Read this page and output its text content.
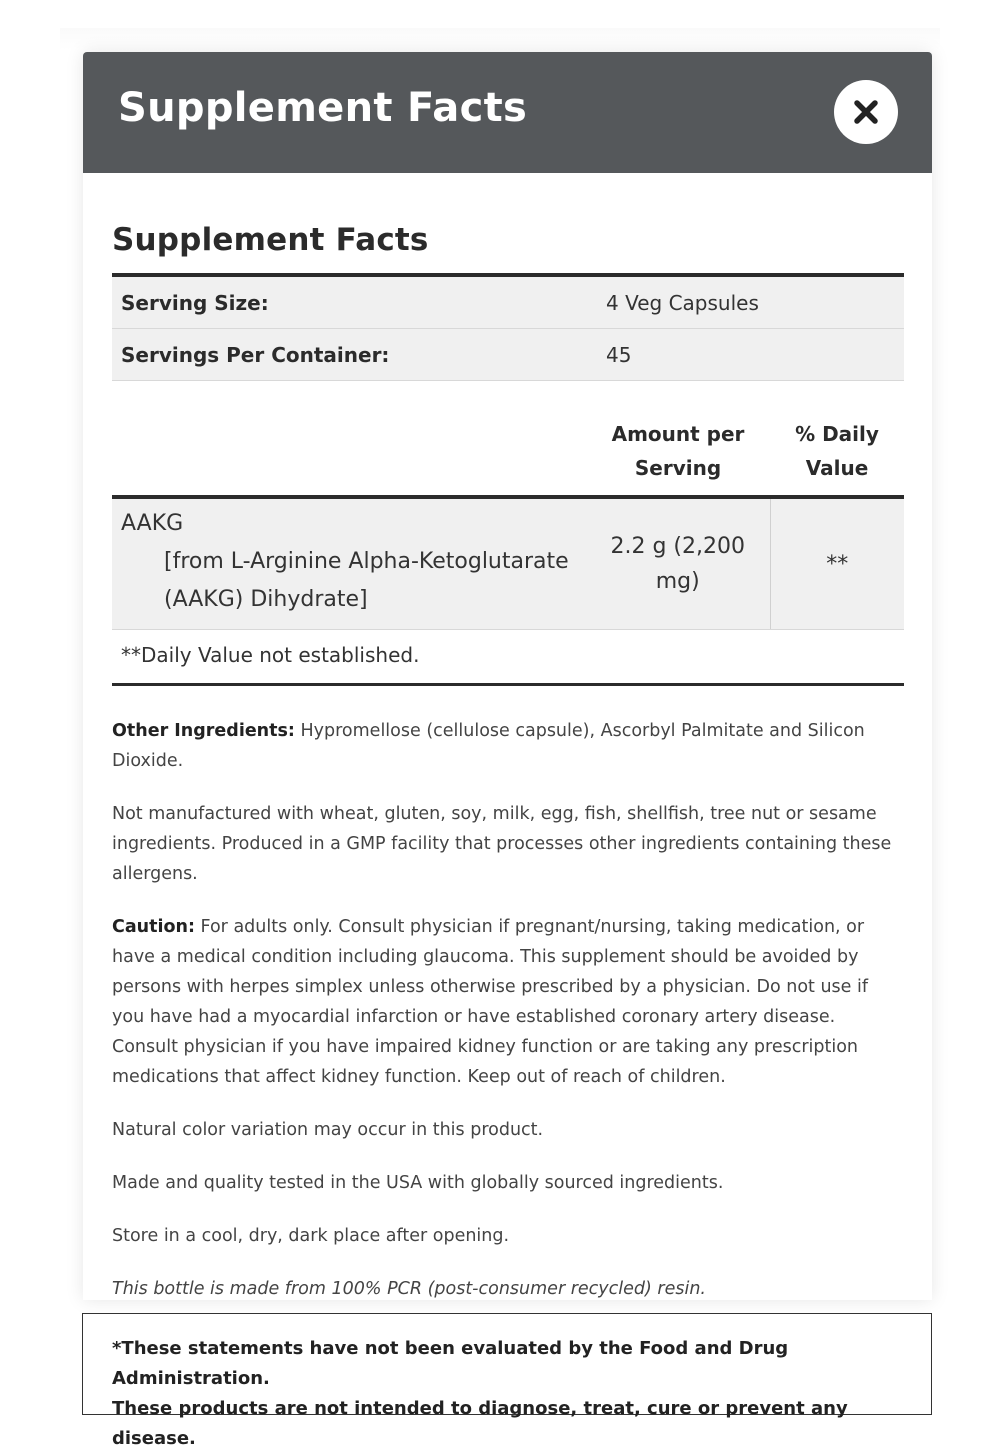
Supplement Facts
Supplement Facts
Serving Size:	4 Veg Capsules
Servings Per Container:	45
	Amount per Serving	% Daily Value

AAKG
[from L-Arginine Alpha-Ketoglutarate (AAKG) Dihydrate]	2.2 g (2,200 mg)	**
**Daily Value not established.

Other Ingredients: Hypromellose (cellulose capsule), Ascorbyl Palmitate and Silicon Dioxide.

Not manufactured with wheat, gluten, soy, milk, egg, fish, shellfish, tree nut or sesame ingredients. Produced in a GMP facility that processes other ingredients containing these allergens.

Caution: For adults only. Consult physician if pregnant/nursing, taking medication, or have a medical condition including glaucoma. This supplement should be avoided by persons with herpes simplex unless otherwise prescribed by a physician. Do not use if you have had a myocardial infarction or have established coronary artery disease. Consult physician if you have impaired kidney function or are taking any prescription medications that affect kidney function. Keep out of reach of children.

Natural color variation may occur in this product.

Made and quality tested in the USA with globally sourced ingredients.

Store in a cool, dry, dark place after opening.

This bottle is made from 100% PCR (post-consumer recycled) resin.

*These statements have not been evaluated by the Food and Drug Administration.

These products are not intended to diagnose, treat, cure or prevent any disease.
